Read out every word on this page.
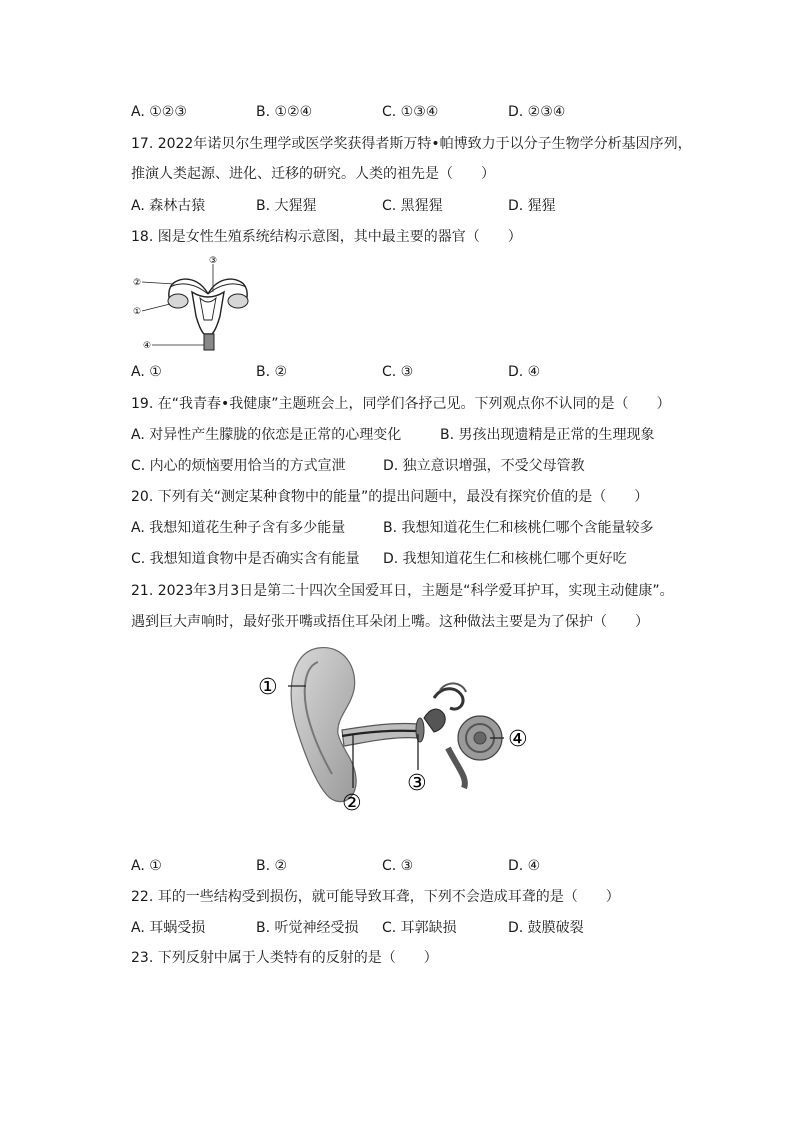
A. ①②③	B. ①②④	C. ①③④	D. ②③④
17. 2022年诺贝尔生理学或医学奖获得者斯万特•帕博致力于以分子生物学分析基因序列，
推演人类起源、进化、迁移的研究。人类的祖先是（　　）
A. 森林古猿	B. 大猩猩	C. 黑猩猩	D. 猩猩
18. 图是女性生殖系统结构示意图，其中最主要的器官（　　）
③
②
①
④
A. ①	B. ②	C. ③	D. ④
19. 在“我青春•我健康”主题班会上，同学们各抒己见。下列观点你不认同的是（　　）
A. 对异性产生朦胧的依恋是正常的心理变化	B. 男孩出现遗精是正常的生理现象
C. 内心的烦恼要用恰当的方式宣泄	D. 独立意识增强，不受父母管教
20. 下列有关“测定某种食物中的能量”的提出问题中，最没有探究价值的是（　　）
A. 我想知道花生种子含有多少能量	B. 我想知道花生仁和核桃仁哪个含能量较多
C. 我想知道食物中是否确实含有能量 D. 我想知道花生仁和核桃仁哪个更好吃
21. 2023年3月3日是第二十四次全国爱耳日，主题是“科学爱耳护耳，实现主动健康”。
遇到巨大声响时，最好张开嘴或捂住耳朵闭上嘴。这种做法主要是为了保护（　　）
①
②
③
④
A. ①	B. ②	C. ③	D. ④
22. 耳的一些结构受到损伤，就可能导致耳聋，下列不会造成耳聋的是（　　）
A. 耳蜗受损	B. 听觉神经受损 C. 耳郭缺损	D. 鼓膜破裂
23. 下列反射中属于人类特有的反射的是（　　）
